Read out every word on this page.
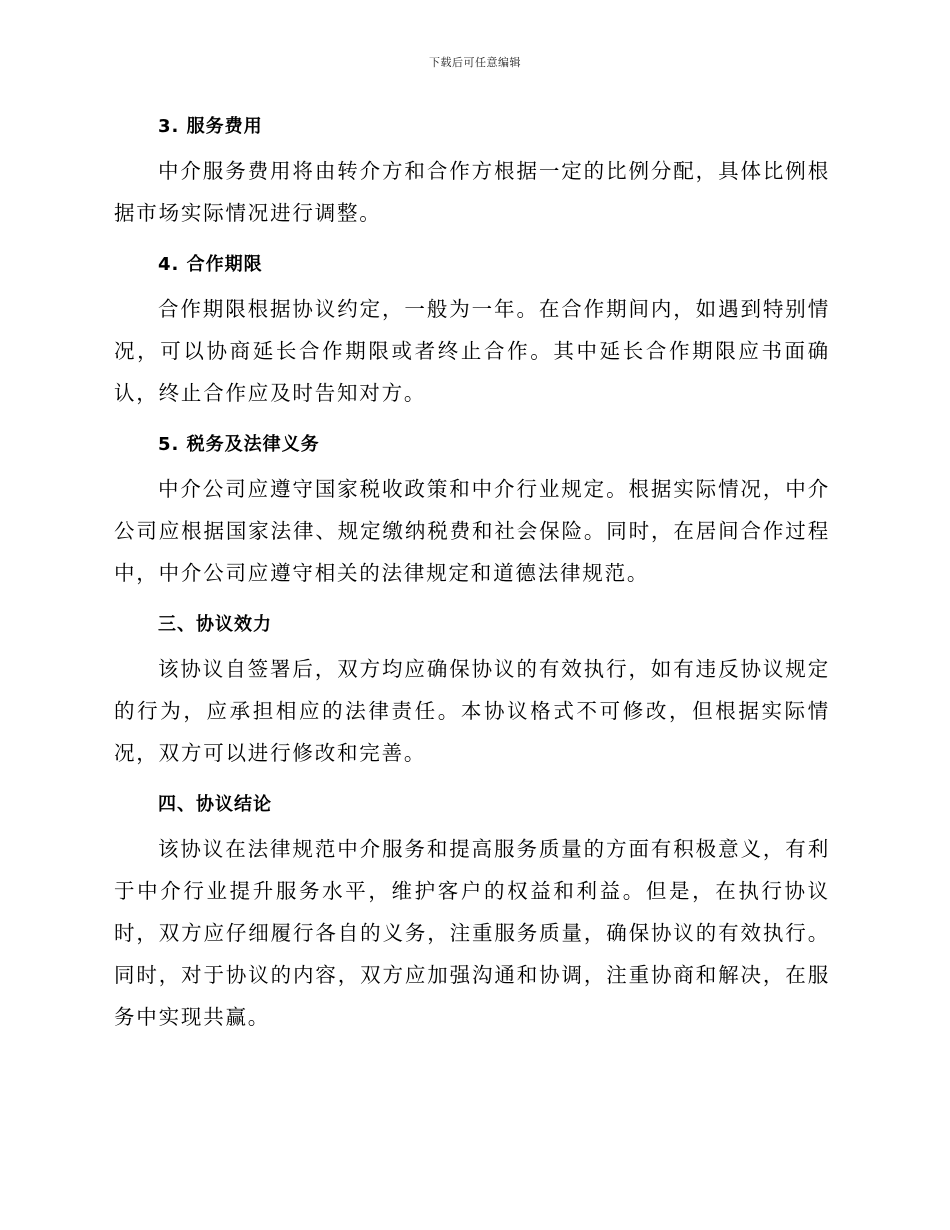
下载后可任意编辑
3. 服务费用

中介服务费用将由转介方和合作方根据一定的比例分配，具体比例根据市场实际情况进行调整。

4. 合作期限

合作期限根据协议约定，一般为一年。在合作期间内，如遇到特别情况，可以协商延长合作期限或者终止合作。其中延长合作期限应书面确认，终止合作应及时告知对方。

5. 税务及法律义务

中介公司应遵守国家税收政策和中介行业规定。根据实际情况，中介公司应根据国家法律、规定缴纳税费和社会保险。同时，在居间合作过程中，中介公司应遵守相关的法律规定和道德法律规范。

三、协议效力

该协议自签署后，双方均应确保协议的有效执行，如有违反协议规定的行为，应承担相应的法律责任。本协议格式不可修改，但根据实际情况，双方可以进行修改和完善。

四、协议结论

该协议在法律规范中介服务和提高服务质量的方面有积极意义，有利于中介行业提升服务水平，维护客户的权益和利益。但是，在执行协议时，双方应仔细履行各自的义务，注重服务质量，确保协议的有效执行。同时，对于协议的内容，双方应加强沟通和协调，注重协商和解决，在服务中实现共赢。
